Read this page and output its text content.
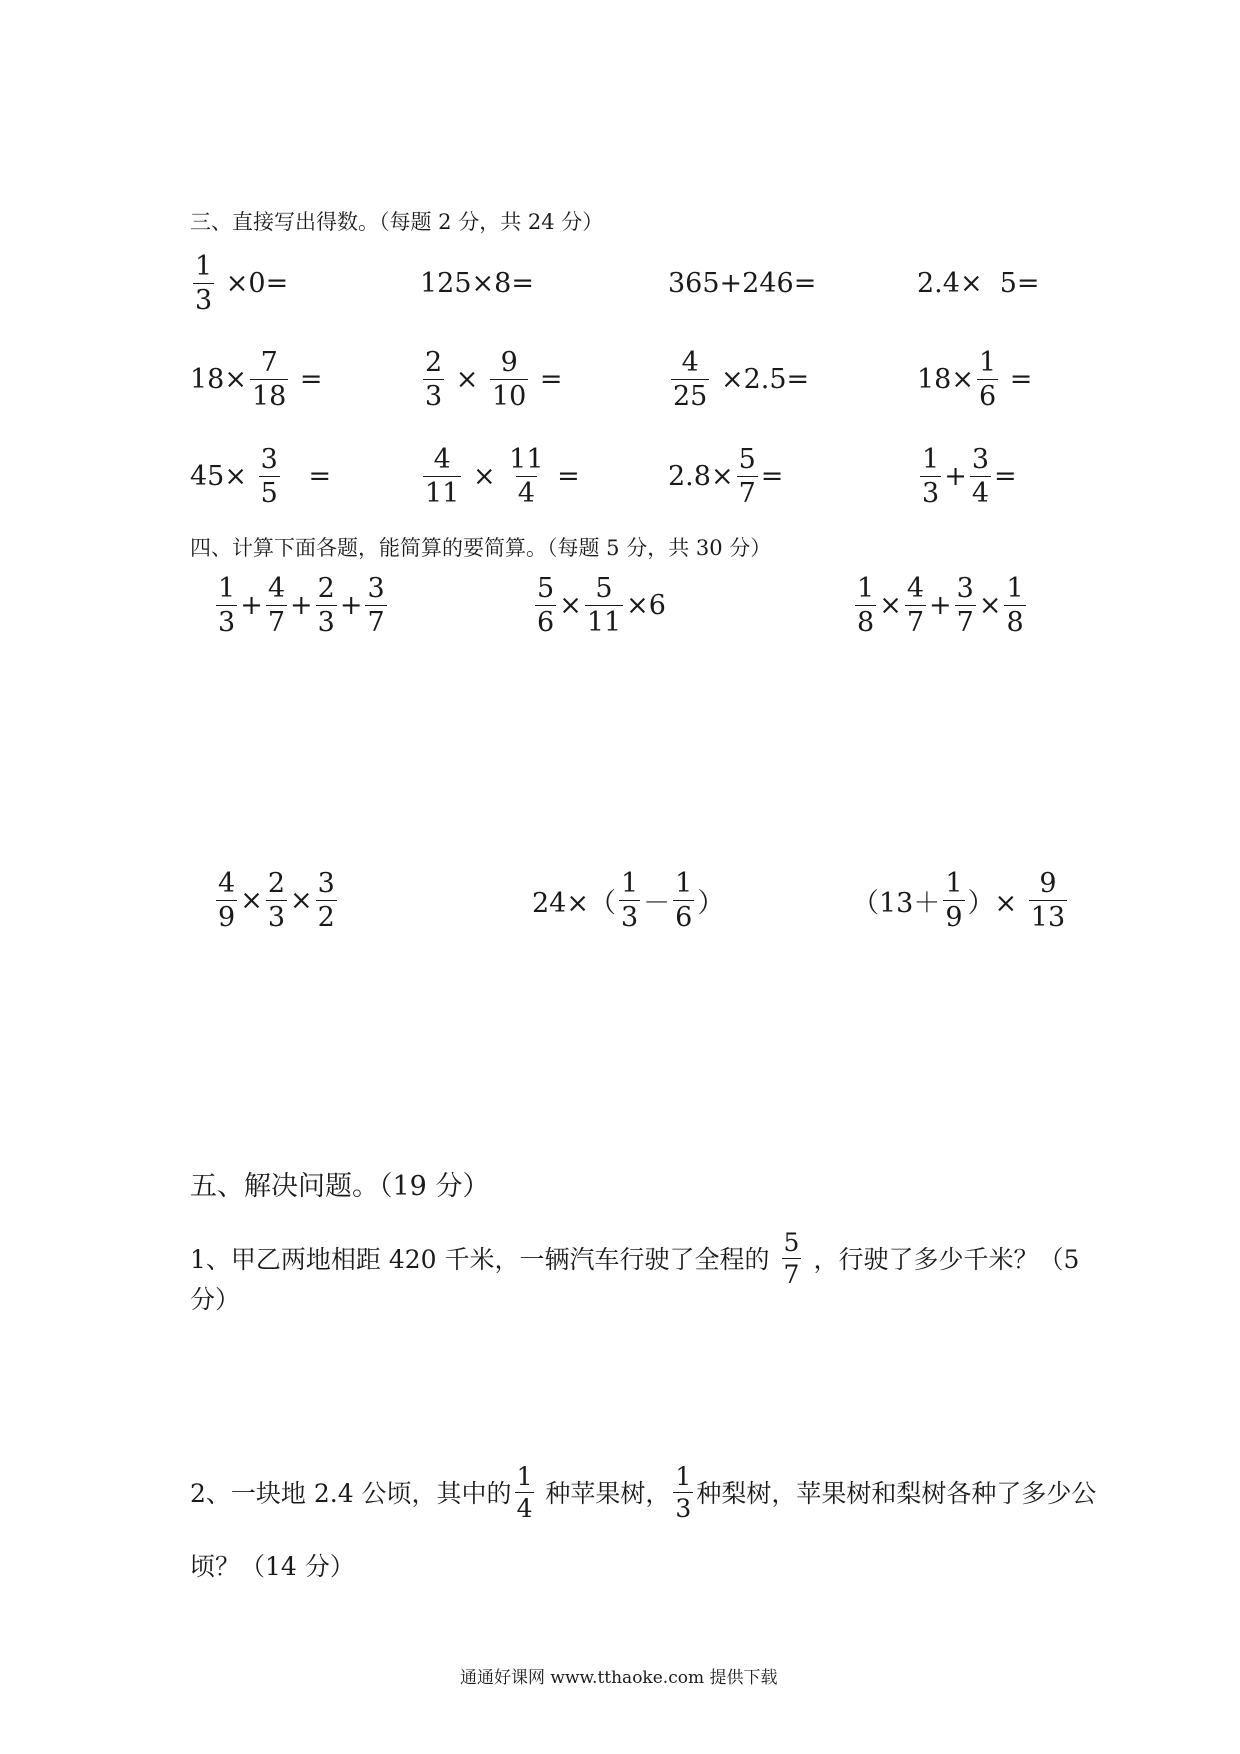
三、直接写出得数。（每题 2 分，共 24 分）
$\frac{1}{3} \times 0=$	125×8=	365+246=	2.4×  5=
$18\times \frac{7}{18}$ =	$\frac{2}{3} \times \frac{9}{10}$ =	$\frac{4}{25} \times 2.5=$	$18\times \frac{1}{6}$ =
$45\times \frac{3}{5}$ =	$\frac{4}{11} \times \frac{11}{4}$ =	$2.8\times \frac{5}{7}$ =	$\frac{1}{3} + \frac{3}{4}$ =
四、计算下面各题，能简算的要简算。（每题 5 分，共 30 分）
$\frac{1}{3} + \frac{4}{7} + \frac{2}{3} + \frac{3}{7}$	$\frac{5}{6} \times \frac{5}{11} \times 6$	$\frac{1}{8} \times \frac{4}{7} + \frac{3}{7} \times \frac{1}{8}$
$\frac{4}{9} \times \frac{2}{3} \times \frac{3}{2}$	$24\times( \frac{1}{3} - \frac{1}{6}$ ）	（$13+ \frac{1}{9}$ ）× $\frac{9}{13}$
五、解决问题。（19 分）
1、甲乙两地相距 420 千米，一辆汽车行驶了全程的 $\frac{5}{7}$ ，行驶了多少千米？（5
分）
2、一块地 2.4 公顷，其中的 $\frac{1}{4}$ 种苹果树， $\frac{1}{3}$ 种梨树，苹果树和梨树各种了多少公
顷？（14 分）
通通好课网 www.tthaoke.com 提供下载
